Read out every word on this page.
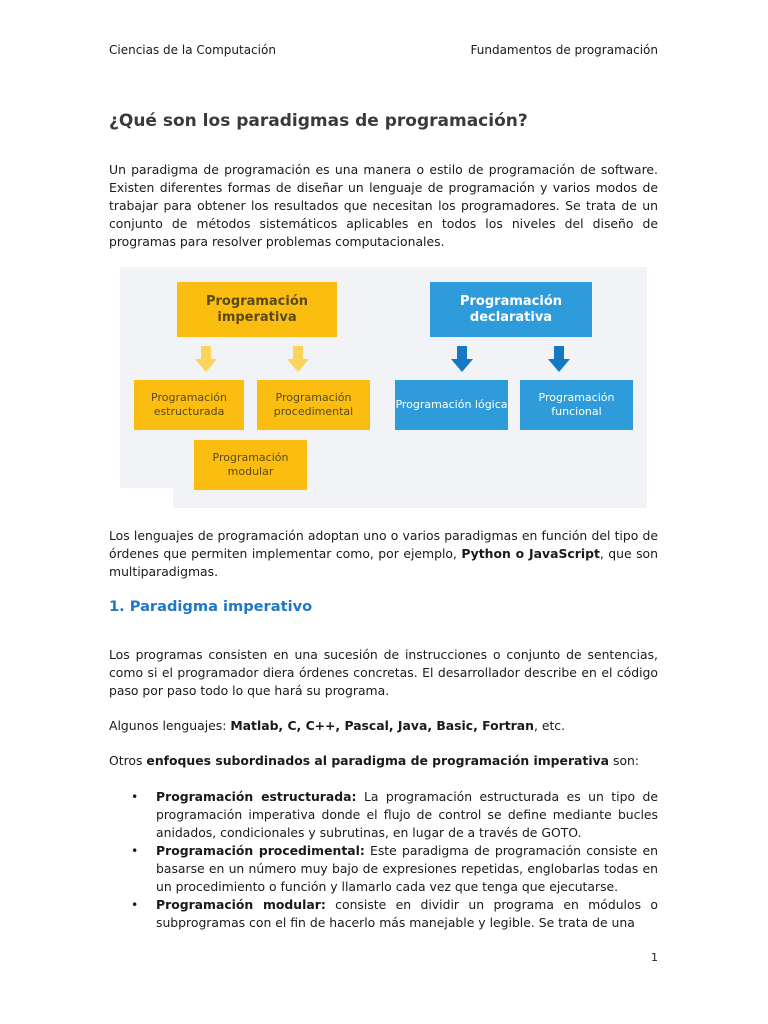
Ciencias de la Computación	Fundamentos de programación
¿Qué son los paradigmas de programación?

Un paradigma de programación es una manera o estilo de programación de software. Existen diferentes formas de diseñar un lenguaje de programación y varios modos de trabajar para obtener los resultados que necesitan los programadores. Se trata de un conjunto de métodos sistemáticos aplicables en todos los niveles del diseño de programas para resolver problemas computacionales.

Programación imperativa
Programación declarativa
Programación estructurada
Programación procedimental
Programación modular
Programación lógica
Programación funcional

Los lenguajes de programación adoptan uno o varios paradigmas en función del tipo de órdenes que permiten implementar como, por ejemplo, Python o JavaScript, que son multiparadigmas.

1. Paradigma imperativo

Los programas consisten en una sucesión de instrucciones o conjunto de sentencias, como si el programador diera órdenes concretas. El desarrollador describe en el código paso por paso todo lo que hará su programa.

Algunos lenguajes: Matlab, C, C++, Pascal, Java, Basic, Fortran, etc.

Otros enfoques subordinados al paradigma de programación imperativa son:

• Programación estructurada: La programación estructurada es un tipo de programación imperativa donde el flujo de control se define mediante bucles anidados, condicionales y subrutinas, en lugar de a través de GOTO.
• Programación procedimental: Este paradigma de programación consiste en basarse en un número muy bajo de expresiones repetidas, englobarlas todas en un procedimiento o función y llamarlo cada vez que tenga que ejecutarse.
• Programación modular: consiste en dividir un programa en módulos o subprogramas con el fin de hacerlo más manejable y legible. Se trata de una
1
